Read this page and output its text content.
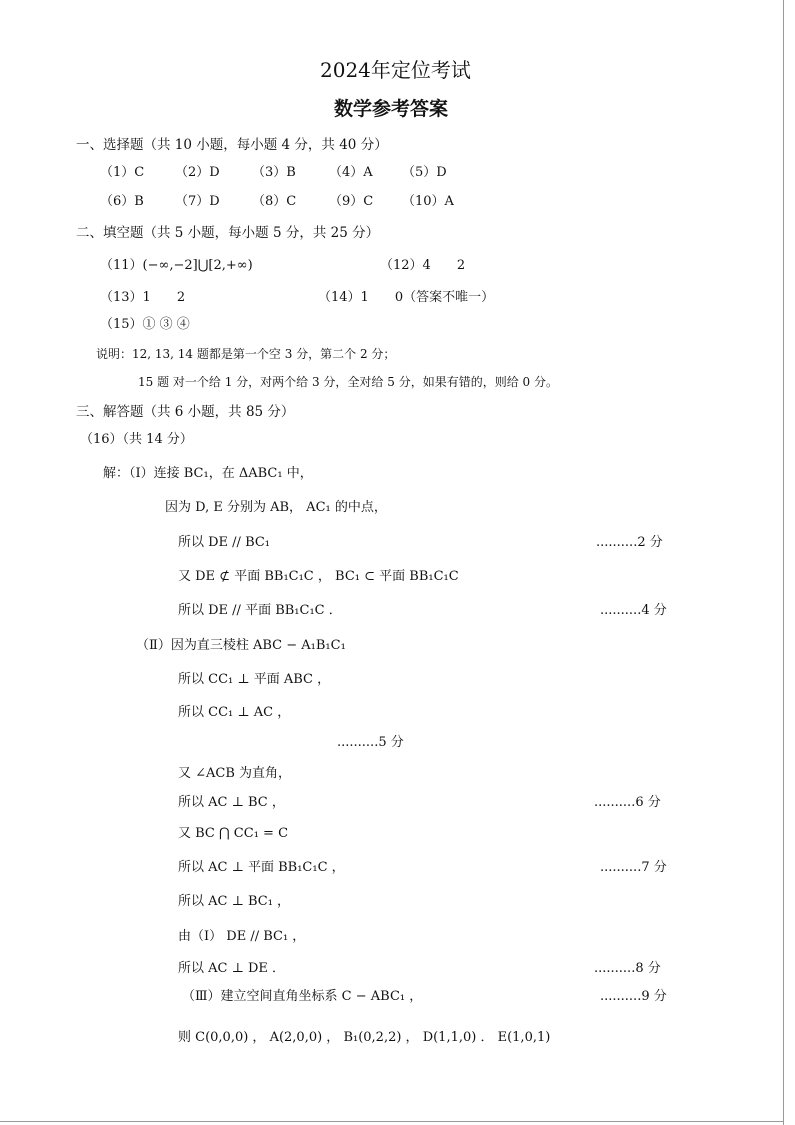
2024年定位考试
数学参考答案
一、选择题（共 10 小题，每小题 4 分，共 40 分）
（1）C （2）D （3）B	（4）A （5）D
（6）B （7）D （8）C	（9）C （10）A
二、填空题（共 5 小题，每小题 5 分，共 25 分）
（11）(−∞,−2]⋃[2,+∞)	（12）4　　2
（13）1　　2	（14）1　　0（答案不唯一）
（15）① ③ ④
说明：12, 13, 14 题都是第一个空 3 分，第二个 2 分；
15 题 对一个给 1 分，对两个给 3 分，全对给 5 分，如果有错的，则给 0 分。
三、解答题（共 6 小题，共 85 分）
（16）（共 14 分）
解：（Ⅰ）连接 BC₁，在 ΔABC₁ 中，
因为 D, E 分别为 AB， AC₁ 的中点，
所以 DE // BC₁	..........2 分
又 DE ⊄ 平面 BB₁C₁C ， BC₁ ⊂ 平面 BB₁C₁C
所以 DE // 平面 BB₁C₁C ．	..........4 分
（Ⅱ）因为直三棱柱 ABC − A₁B₁C₁
所以 CC₁ ⊥ 平面 ABC ，
所以 CC₁ ⊥ AC ，
..........5 分
又 ∠ACB 为直角，
所以 AC ⊥ BC ，	..........6 分
又 BC ⋂ CC₁ = C
所以 AC ⊥ 平面 BB₁C₁C ，	..........7 分
所以 AC ⊥ BC₁ ，
由（Ⅰ） DE // BC₁ ，
所以 AC ⊥ DE ．	..........8 分
（Ⅲ）建立空间直角坐标系 C − ABC₁ ，	..........9 分
则 C(0,0,0) ， A(2,0,0) ， B₁(0,2,2) ， D(1,1,0) ． E(1,0,1)
